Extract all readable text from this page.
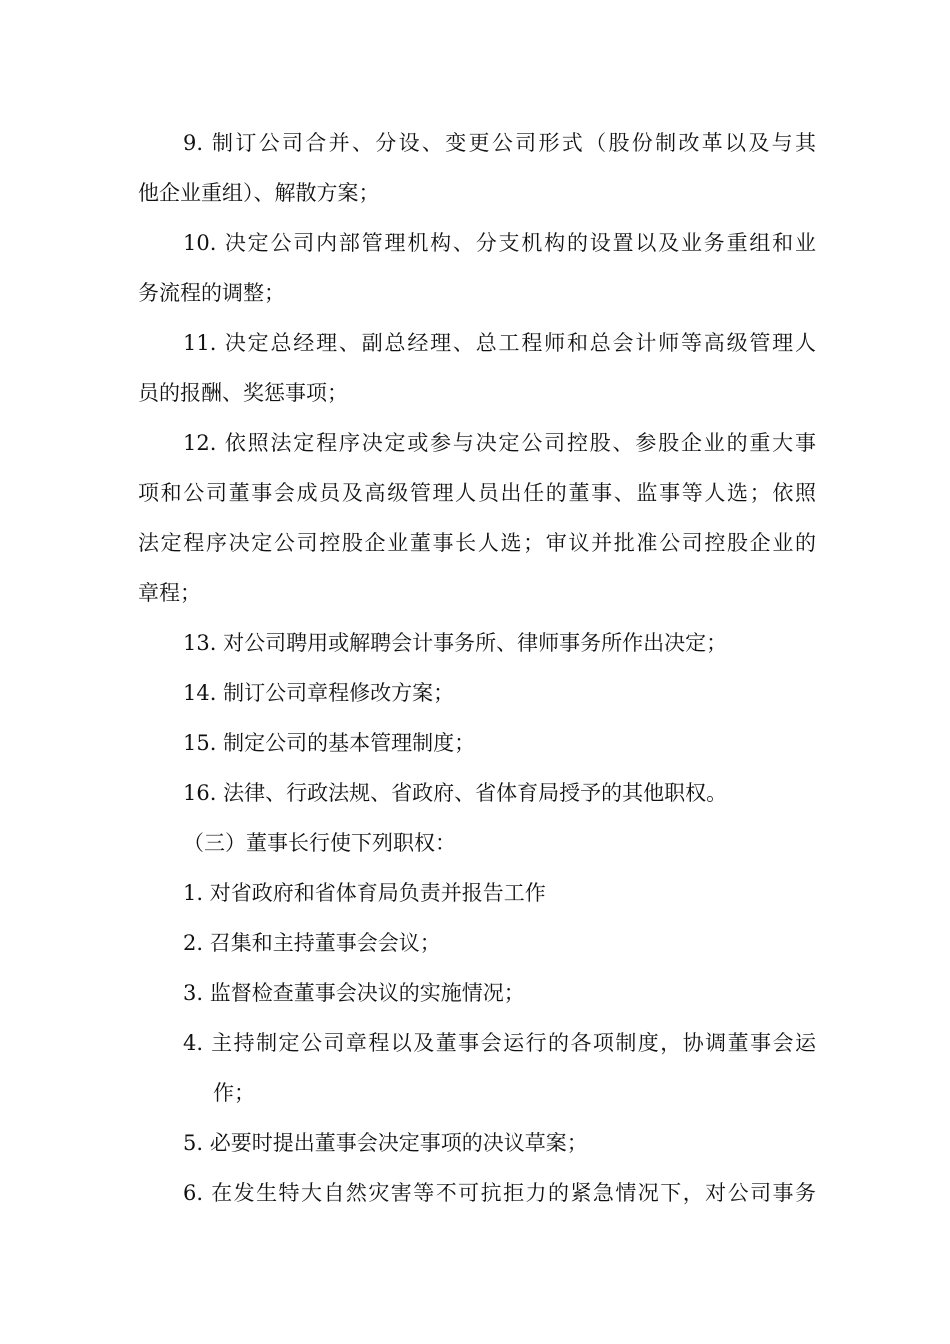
9. 制订公司合并、分设、变更公司形式（股份制改革以及与其
他企业重组）、解散方案；
10. 决定公司内部管理机构、分支机构的设置以及业务重组和业
务流程的调整；
11. 决定总经理、副总经理、总工程师和总会计师等高级管理人
员的报酬、奖惩事项；
12. 依照法定程序决定或参与决定公司控股、参股企业的重大事
项和公司董事会成员及高级管理人员出任的董事、监事等人选；依照
法定程序决定公司控股企业董事长人选；审议并批准公司控股企业的
章程；
13. 对公司聘用或解聘会计事务所、律师事务所作出决定；
14. 制订公司章程修改方案；
15. 制定公司的基本管理制度；
16. 法律、行政法规、省政府、省体育局授予的其他职权。
（三）董事长行使下列职权：
1. 对省政府和省体育局负责并报告工作
2. 召集和主持董事会会议；
3. 监督检查董事会决议的实施情况；
4. 主持制定公司章程以及董事会运行的各项制度，协调董事会运
作；
5. 必要时提出董事会决定事项的决议草案；
6. 在发生特大自然灾害等不可抗拒力的紧急情况下，对公司事务
